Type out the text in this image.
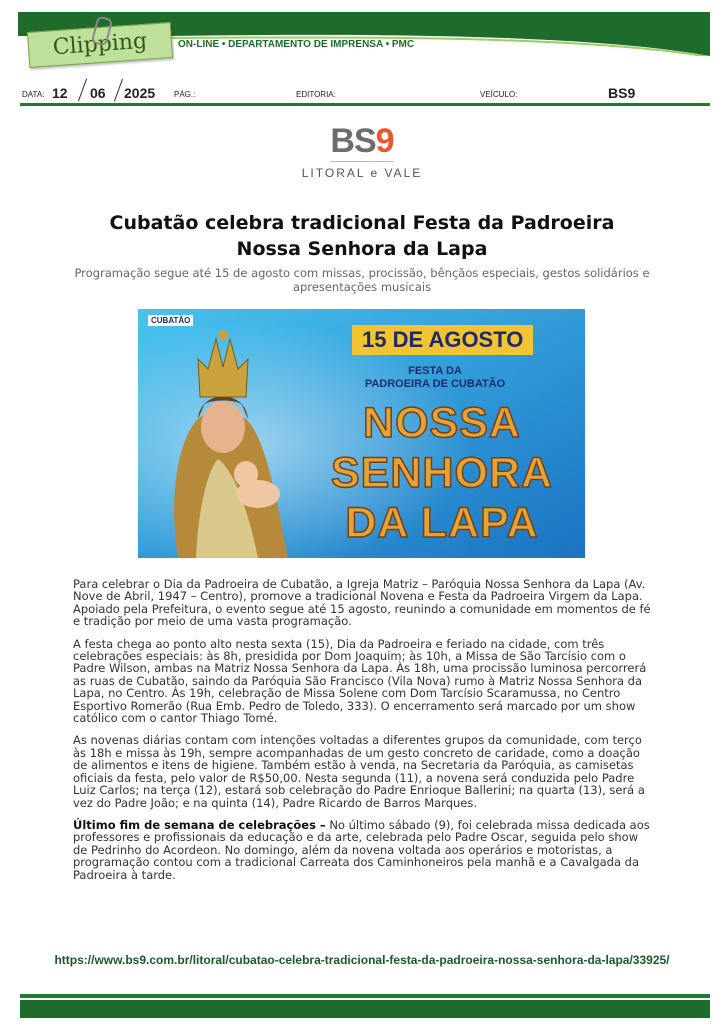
Clipping	ON-LINE • DEPARTAMENTO DE IMPRENSA • PMC
DATA: 12 06 2025 PÁG.:	EDITORIA:	VEÍCULO:	BS9
BS9
LITORAL e VALE
Cubatão celebra tradicional Festa da Padroeira Nossa Senhora da Lapa
Programação segue até 15 de agosto com missas, procissão, bênçãos especiais, gestos solidários e apresentações musicais
CUBATÃO
15 DE AGOSTO
FESTA DA
PADROEIRA DE CUBATÃO
NOSSA
SENHORA
DA LAPA

Para celebrar o Dia da Padroeira de Cubatão, a Igreja Matriz – Paróquia Nossa Senhora da Lapa (Av. Nove de Abril, 1947 – Centro), promove a tradicional Novena e Festa da Padroeira Virgem da Lapa. Apoiado pela Prefeitura, o evento segue até 15 agosto, reunindo a comunidade em momentos de fé e tradição por meio de uma vasta programação.

A festa chega ao ponto alto nesta sexta (15), Dia da Padroeira e feriado na cidade, com três celebrações especiais: às 8h, presidida por Dom Joaquim; às 10h, a Missa de São Tarcísio com o Padre Wilson, ambas na Matriz Nossa Senhora da Lapa. Às 18h, uma procissão luminosa percorrerá as ruas de Cubatão, saindo da Paróquia São Francisco (Vila Nova) rumo à Matriz Nossa Senhora da Lapa, no Centro. Às 19h, celebração de Missa Solene com Dom Tarcísio Scaramussa, no Centro Esportivo Romerão (Rua Emb. Pedro de Toledo, 333). O encerramento será marcado por um show católico com o cantor Thiago Tomé.

As novenas diárias contam com intenções voltadas a diferentes grupos da comunidade, com terço às 18h e missa às 19h, sempre acompanhadas de um gesto concreto de caridade, como a doação de alimentos e itens de higiene. Também estão à venda, na Secretaria da Paróquia, as camisetas oficiais da festa, pelo valor de R$50,00. Nesta segunda (11), a novena será conduzida pelo Padre Luiz Carlos; na terça (12), estará sob celebração do Padre Enrioque Ballerini; na quarta (13), será a vez do Padre João; e na quinta (14), Padre Ricardo de Barros Marques.

Último fim de semana de celebrações – No último sábado (9), foi celebrada missa dedicada aos professores e profissionais da educação e da arte, celebrada pelo Padre Oscar, seguida pelo show de Pedrinho do Acordeon. No domingo, além da novena voltada aos operários e motoristas, a programação contou com a tradicional Carreata dos Caminhoneiros pela manhã e a Cavalgada da Padroeira à tarde.

https://www.bs9.com.br/litoral/cubatao-celebra-tradicional-festa-da-padroeira-nossa-senhora-da-lapa/33925/
